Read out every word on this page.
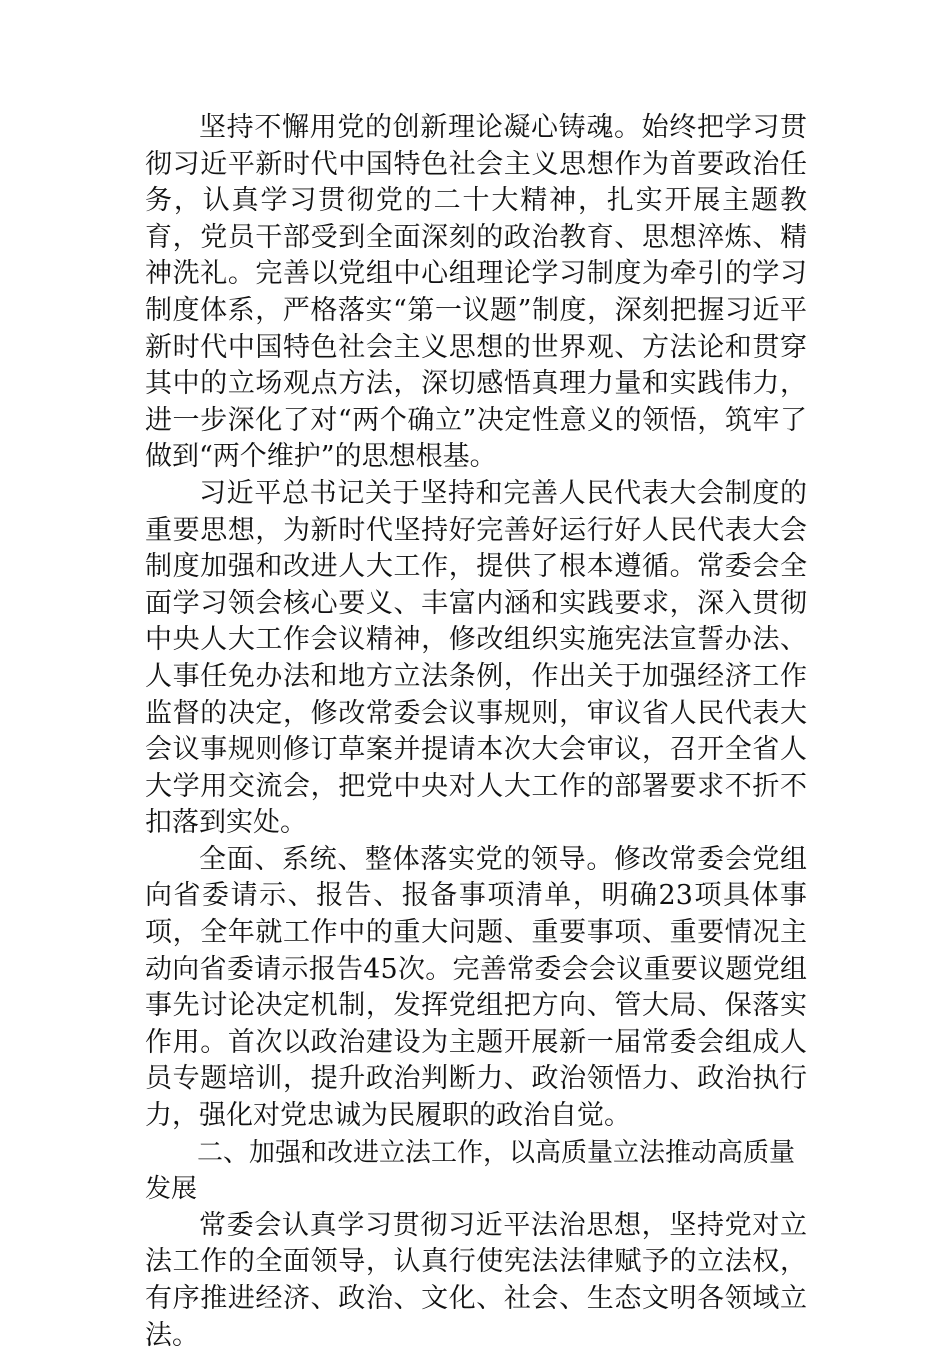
坚持不懈用党的创新理论凝心铸魂。始终把学习贯彻习近平新时代中国特色社会主义思想作为首要政治任务，认真学习贯彻党的二十大精神，扎实开展主题教育，党员干部受到全面深刻的政治教育、思想淬炼、精神洗礼。完善以党组中心组理论学习制度为牵引的学习制度体系，严格落实“第一议题”制度，深刻把握习近平新时代中国特色社会主义思想的世界观、方法论和贯穿其中的立场观点方法，深切感悟真理力量和实践伟力，进一步深化了对“两个确立”决定性意义的领悟，筑牢了做到“两个维护”的思想根基。

习近平总书记关于坚持和完善人民代表大会制度的重要思想，为新时代坚持好完善好运行好人民代表大会制度加强和改进人大工作，提供了根本遵循。常委会全面学习领会核心要义、丰富内涵和实践要求，深入贯彻中央人大工作会议精神，修改组织实施宪法宣誓办法、人事任免办法和地方立法条例，作出关于加强经济工作监督的决定，修改常委会议事规则，审议省人民代表大会议事规则修订草案并提请本次大会审议，召开全省人大学用交流会，把党中央对人大工作的部署要求不折不扣落到实处。

全面、系统、整体落实党的领导。修改常委会党组向省委请示、报告、报备事项清单，明确23项具体事项，全年就工作中的重大问题、重要事项、重要情况主动向省委请示报告45次。完善常委会会议重要议题党组事先讨论决定机制，发挥党组把方向、管大局、保落实作用。首次以政治建设为主题开展新一届常委会组成人员专题培训，提升政治判断力、政治领悟力、政治执行力，强化对党忠诚为民履职的政治自觉。

二、加强和改进立法工作，以高质量立法推动高质量发展

常委会认真学习贯彻习近平法治思想，坚持党对立法工作的全面领导，认真行使宪法法律赋予的立法权，有序推进经济、政治、文化、社会、生态文明各领域立法。
